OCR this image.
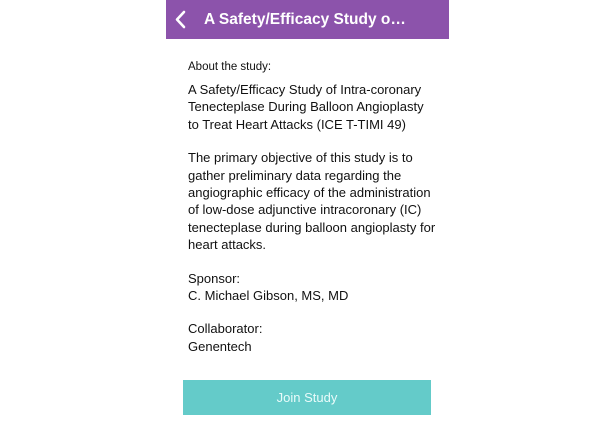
A Safety/Efficacy Study o…

About the study:

A Safety/Efficacy Study of Intra-coronary Tenecteplase During Balloon Angioplasty to Treat Heart Attacks (ICE T-TIMI 49)

The primary objective of this study is to gather preliminary data regarding the angiographic efficacy of the administration of low-dose adjunctive intracoronary (IC) tenecteplase during balloon angioplasty for heart attacks.

Sponsor:

C. Michael Gibson, MS, MD

Collaborator:

Genentech

Join Study
